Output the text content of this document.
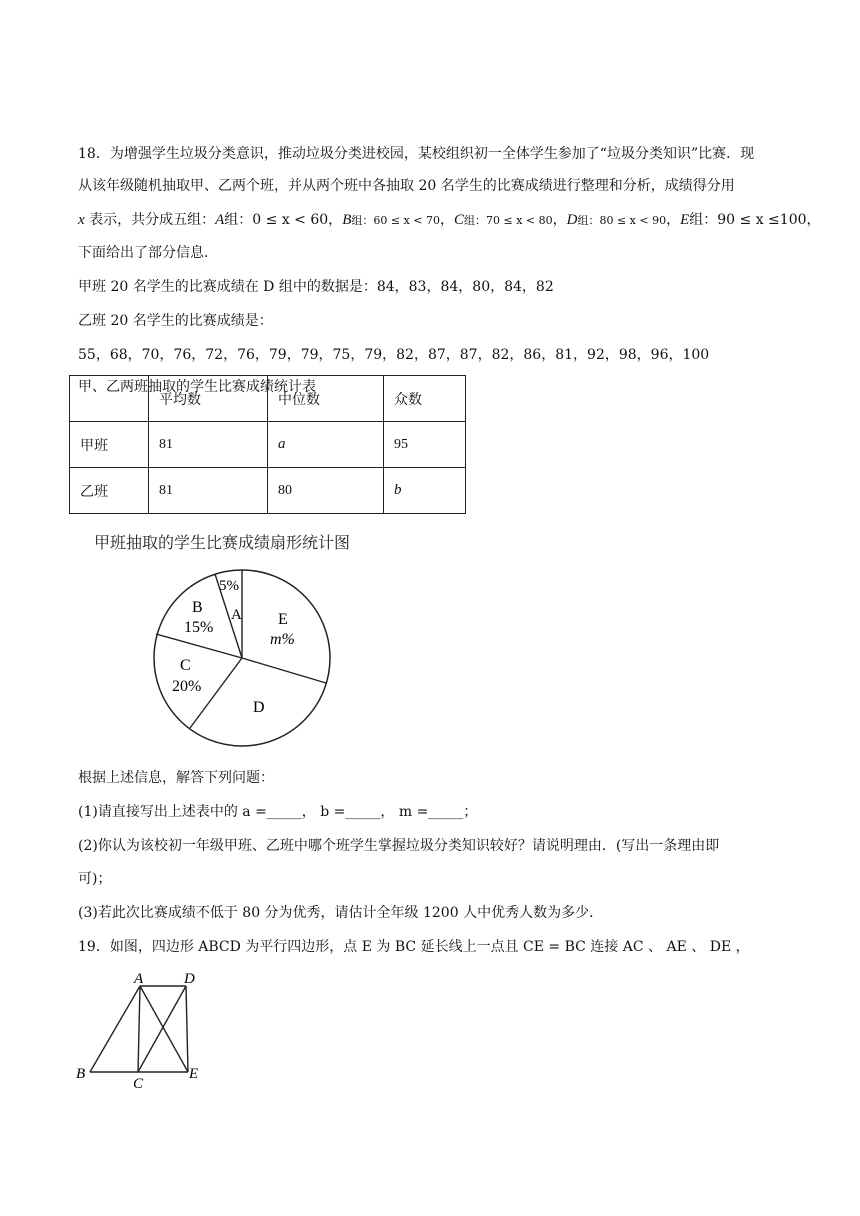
18．为增强学生垃圾分类意识，推动垃圾分类进校园，某校组织初一全体学生参加了“垃圾分类知识”比赛．现
从该年级随机抽取甲、乙两个班，并从两个班中各抽取 20 名学生的比赛成绩进行整理和分析，成绩得分用
x 表示，共分成五组：A组：0 ≤ x < 60，B组：60 ≤ x < 70，C组：70 ≤ x < 80，D组：80 ≤ x < 90，E组：90 ≤ x ≤100，
下面给出了部分信息．
甲班 20 名学生的比赛成绩在 D 组中的数据是：84，83，84，80，84，82
乙班 20 名学生的比赛成绩是：
55，68，70，76，72，76，79，79，75，79，82，87，87，82，86，81，92，98，96，100
甲、乙两班抽取的学生比赛成绩统计表
	平均数	中位数	众数
甲班	81	a	95
乙班	81	80	b
甲班抽取的学生比赛成绩扇形统计图
5%
A
B
15%
C
20%
D
E
m%
根据上述信息，解答下列问题：
(1)请直接写出上述表中的 a =_____， b =_____， m =_____；
(2)你认为该校初一年级甲班、乙班中哪个班学生掌握垃圾分类知识较好？请说明理由．(写出一条理由即
可)；
(3)若此次比赛成绩不低于 80 分为优秀，请估计全年级 1200 人中优秀人数为多少．
19．如图，四边形 ABCD 为平行四边形，点 E 为 BC 延长线上一点且 CE = BC 连接 AC 、 AE 、 DE ，
A	D
B
C
E
